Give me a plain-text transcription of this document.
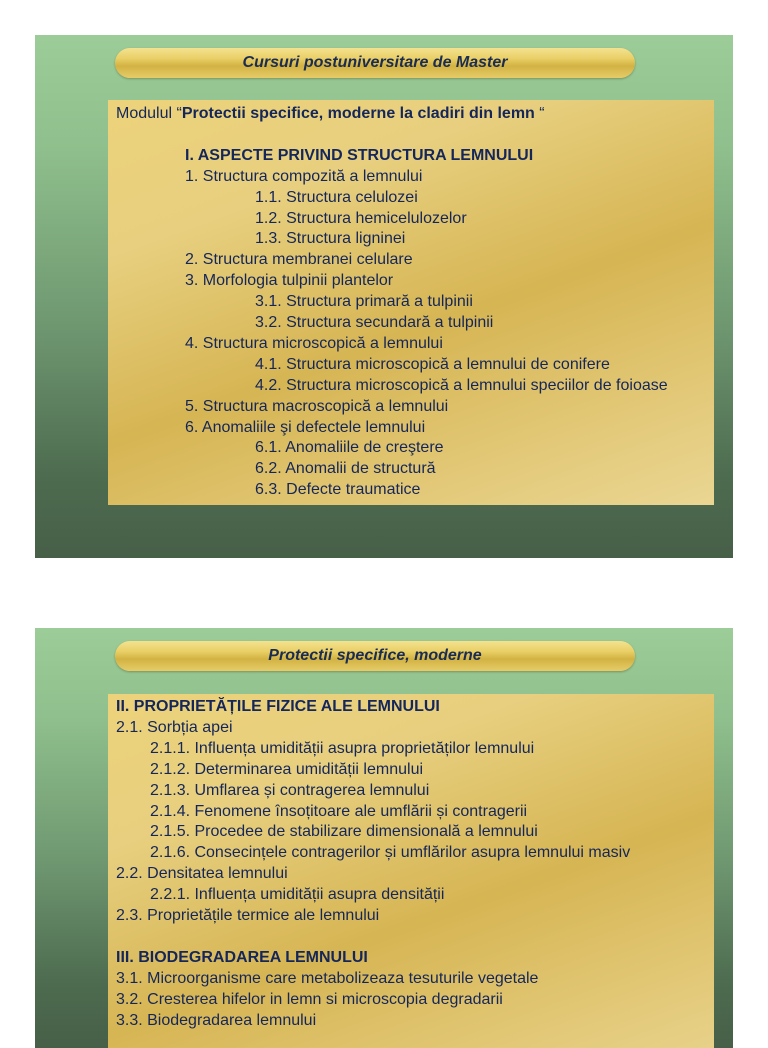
Cursuri postuniversitare de Master
Modulul “Protectii specifice, moderne la cladiri din lemn “
I. ASPECTE PRIVIND STRUCTURA LEMNULUI
1. Structura compozită a lemnului
1.1. Structura celulozei
1.2. Structura hemicelulozelor
1.3. Structura ligninei
2. Structura membranei celulare
3. Morfologia tulpinii plantelor
3.1. Structura primară a tulpinii
3.2. Structura secundară a tulpinii
4. Structura microscopică a lemnului
4.1. Structura microscopică a lemnului de conifere
4.2. Structura microscopică a lemnului speciilor de foioase
5. Structura macroscopică a lemnului
6. Anomaliile şi defectele lemnului
6.1. Anomaliile de creştere
6.2. Anomalii de structură
6.3. Defecte traumatice
Protectii specifice, moderne
II. PROPRIETĂȚILE FIZICE ALE LEMNULUI
2.1. Sorbția apei
2.1.1. Influența umidității asupra proprietăților lemnului
2.1.2. Determinarea umidității lemnului
2.1.3. Umflarea și contragerea lemnului
2.1.4. Fenomene însoțitoare ale umflării și contragerii
2.1.5. Procedee de stabilizare dimensională a lemnului
2.1.6. Consecințele contragerilor și umflărilor asupra lemnului masiv
2.2. Densitatea lemnului
2.2.1. Influența umidității asupra densității
2.3. Proprietățile termice ale lemnului
III. BIODEGRADAREA LEMNULUI
3.1. Microorganisme care metabolizeaza tesuturile vegetale
3.2. Cresterea hifelor in lemn si microscopia degradarii
3.3. Biodegradarea lemnului
